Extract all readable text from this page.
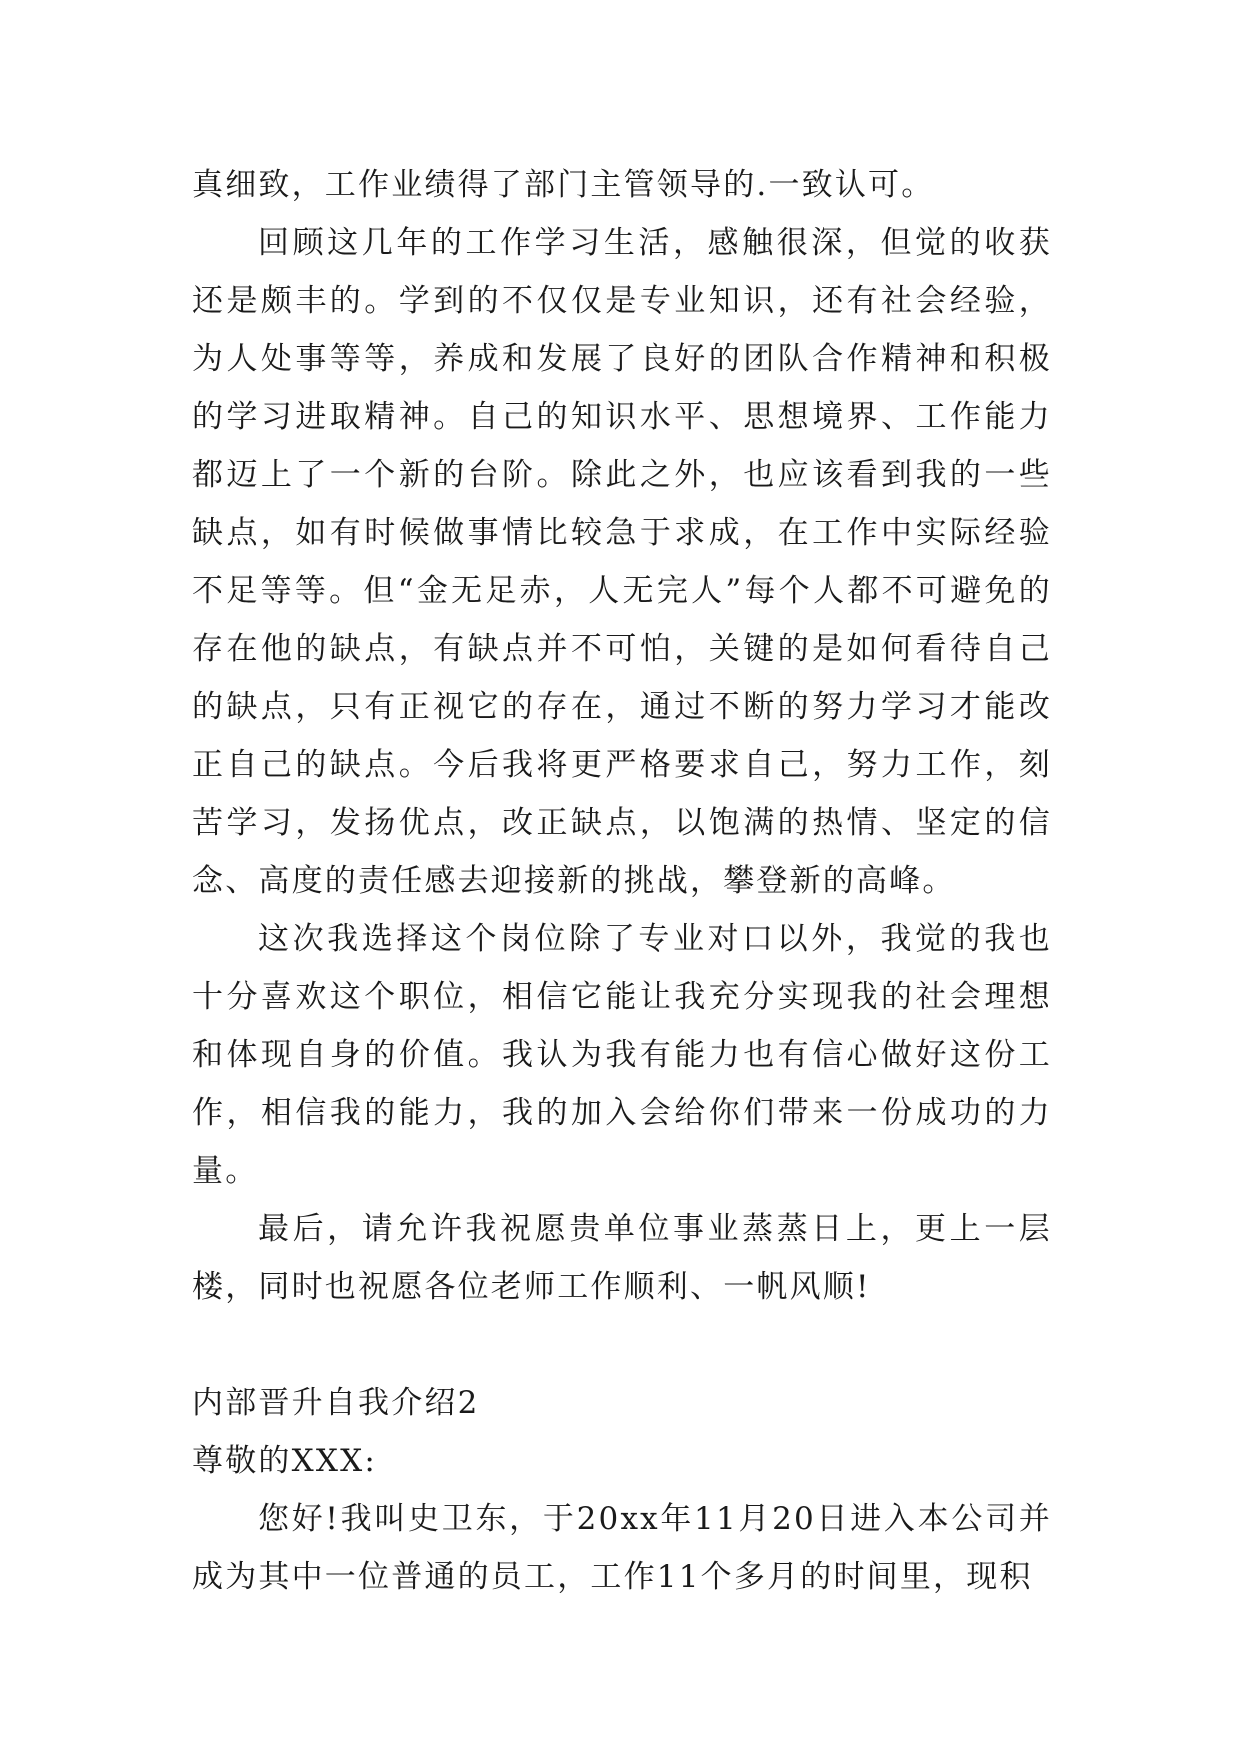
真细致，工作业绩得了部门主管领导的.一致认可。

回顾这几年的工作学习生活，感触很深，但觉的收获还是颇丰的。学到的不仅仅是专业知识，还有社会经验，为人处事等等，养成和发展了良好的团队合作精神和积极的学习进取精神。自己的知识水平、思想境界、工作能力都迈上了一个新的台阶。除此之外，也应该看到我的一些缺点，如有时候做事情比较急于求成，在工作中实际经验不足等等。但“金无足赤，人无完人”每个人都不可避免的存在他的缺点，有缺点并不可怕，关键的是如何看待自己的缺点，只有正视它的存在，通过不断的努力学习才能改正自己的缺点。今后我将更严格要求自己，努力工作，刻苦学习，发扬优点，改正缺点，以饱满的热情、坚定的信念、高度的责任感去迎接新的挑战，攀登新的高峰。

这次我选择这个岗位除了专业对口以外，我觉的我也十分喜欢这个职位，相信它能让我充分实现我的社会理想和体现自身的价值。我认为我有能力也有信心做好这份工作，相信我的能力，我的加入会给你们带来一份成功的力量。

最后，请允许我祝愿贵单位事业蒸蒸日上，更上一层楼，同时也祝愿各位老师工作顺利、一帆风顺!

内部晋升自我介绍2

尊敬的XXX:

您好!我叫史卫东，于20xx年11月20日进入本公司并成为其中一位普通的员工，工作11个多月的时间里，现积
